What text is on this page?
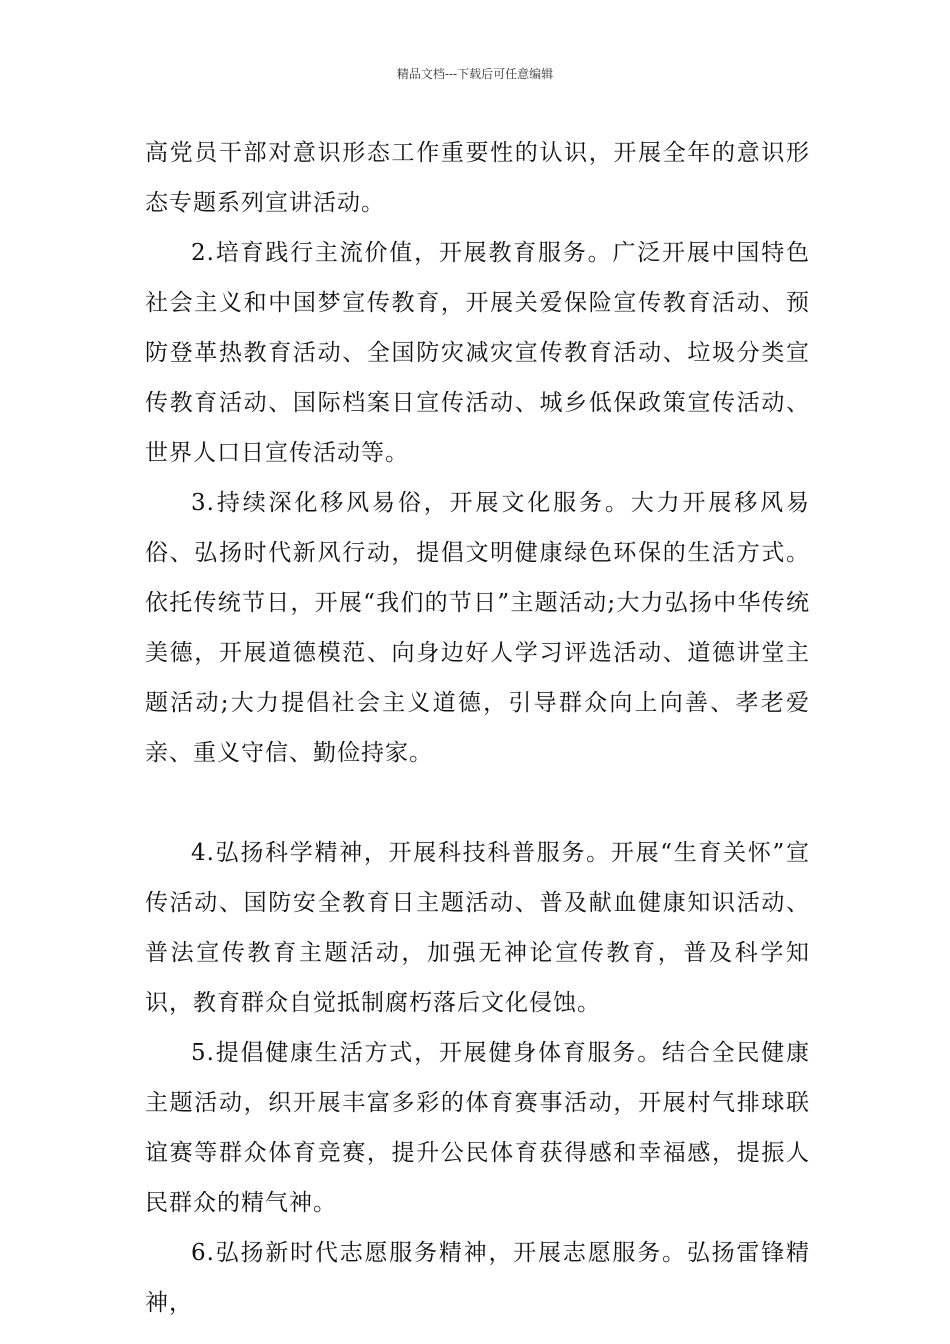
精品文档---下载后可任意编辑

高党员干部对意识形态工作重要性的认识，开展全年的意识形态专题系列宣讲活动。

2.培育践行主流价值，开展教育服务。广泛开展中国特色社会主义和中国梦宣传教育，开展关爱保险宣传教育活动、预防登革热教育活动、全国防灾减灾宣传教育活动、垃圾分类宣传教育活动、国际档案日宣传活动、城乡低保政策宣传活动、世界人口日宣传活动等。

3.持续深化移风易俗，开展文化服务。大力开展移风易俗、弘扬时代新风行动，提倡文明健康绿色环保的生活方式。依托传统节日，开展“我们的节日”主题活动;大力弘扬中华传统美德，开展道德模范、向身边好人学习评选活动、道德讲堂主题活动;大力提倡社会主义道德，引导群众向上向善、孝老爱亲、重义守信、勤俭持家。

4.弘扬科学精神，开展科技科普服务。开展“生育关怀”宣传活动、国防安全教育日主题活动、普及献血健康知识活动、普法宣传教育主题活动，加强无神论宣传教育，普及科学知识，教育群众自觉抵制腐朽落后文化侵蚀。

5.提倡健康生活方式，开展健身体育服务。结合全民健康主题活动，织开展丰富多彩的体育赛事活动，开展村气排球联谊赛等群众体育竞赛，提升公民体育获得感和幸福感，提振人民群众的精气神。

6.弘扬新时代志愿服务精神，开展志愿服务。弘扬雷锋精神，
